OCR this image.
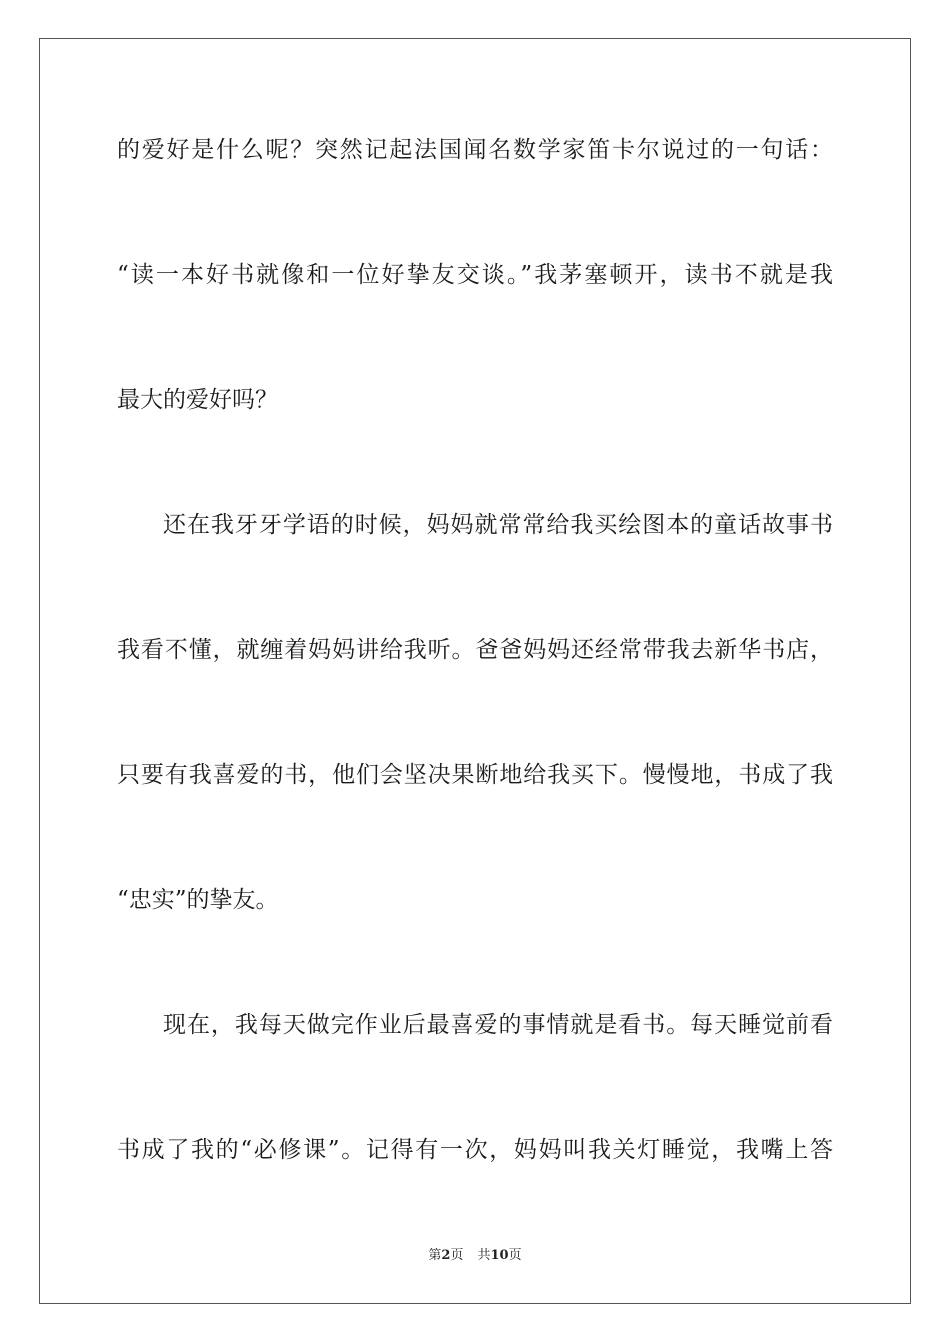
的爱好是什么呢？突然记起法国闻名数学家笛卡尔说过的一句话：
“读一本好书就像和一位好挚友交谈。”我茅塞顿开，读书不就是我
最大的爱好吗？
还在我牙牙学语的时候，妈妈就常常给我买绘图本的童话故事书
我看不懂，就缠着妈妈讲给我听。爸爸妈妈还经常带我去新华书店，
只要有我喜爱的书，他们会坚决果断地给我买下。慢慢地，书成了我
“忠实”的挚友。
现在，我每天做完作业后最喜爱的事情就是看书。每天睡觉前看
书成了我的“必修课”。记得有一次，妈妈叫我关灯睡觉，我嘴上答
第2页 共10页
